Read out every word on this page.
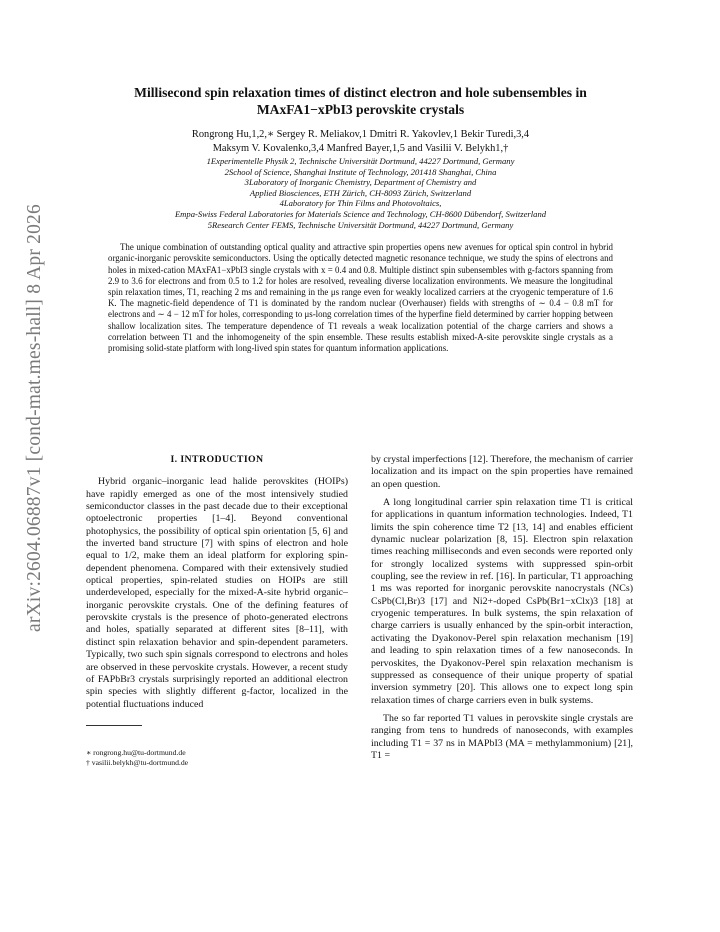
arXiv:2604.06887v1 [cond-mat.mes-hall] 8 Apr 2026
Millisecond spin relaxation times of distinct electron and hole subensembles in
MAxFA1−xPbI3 perovskite crystals
Rongrong Hu,1,2,∗ Sergey R. Meliakov,1 Dmitri R. Yakovlev,1 Bekir Turedi,3,4
Maksym V. Kovalenko,3,4 Manfred Bayer,1,5 and Vasilii V. Belykh1,†
1Experimentelle Physik 2, Technische Universität Dortmund, 44227 Dortmund, Germany
2School of Science, Shanghai Institute of Technology, 201418 Shanghai, China
3Laboratory of Inorganic Chemistry, Department of Chemistry and
Applied Biosciences, ETH Zürich, CH-8093 Zürich, Switzerland
4Laboratory for Thin Films and Photovoltaics,
Empa-Swiss Federal Laboratories for Materials Science and Technology, CH-8600 Dübendorf, Switzerland
5Research Center FEMS, Technische Universität Dortmund, 44227 Dortmund, Germany

The unique combination of outstanding optical quality and attractive spin properties opens new avenues for optical spin control in hybrid organic-inorganic perovskite semiconductors. Using the optically detected magnetic resonance technique, we study the spins of electrons and holes in mixed-cation MAxFA1−xPbI3 single crystals with x = 0.4 and 0.8. Multiple distinct spin subensembles with g-factors spanning from 2.9 to 3.6 for electrons and from 0.5 to 1.2 for holes are resolved, revealing diverse localization environments. We measure the longitudinal spin relaxation times, T1, reaching 2 ms and remaining in the μs range even for weakly localized carriers at the cryogenic temperature of 1.6 K. The magnetic-field dependence of T1 is dominated by the random nuclear (Overhauser) fields with strengths of ∼ 0.4 − 0.8 mT for electrons and ∼ 4 − 12 mT for holes, corresponding to μs-long correlation times of the hyperfine field determined by carrier hopping between shallow localization sites. The temperature dependence of T1 reveals a weak localization potential of the charge carriers and shows a correlation between T1 and the inhomogeneity of the spin ensemble. These results establish mixed-A-site perovskite single crystals as a promising solid-state platform with long-lived spin states for quantum information applications.

I. INTRODUCTION

Hybrid organic–inorganic lead halide perovskites (HOIPs) have rapidly emerged as one of the most intensively studied semiconductor classes in the past decade due to their exceptional optoelectronic properties [1–4]. Beyond conventional photophysics, the possibility of optical spin orientation [5, 6] and the inverted band structure [7] with spins of electron and hole equal to 1/2, make them an ideal platform for exploring spin-dependent phenomena. Compared with their extensively studied optical properties, spin-related studies on HOIPs are still underdeveloped, especially for the mixed-A-site hybrid organic–inorganic perovskite crystals. One of the defining features of perovskite crystals is the presence of photo-generated electrons and holes, spatially separated at different sites [8–11], with distinct spin relaxation behavior and spin-dependent parameters. Typically, two such spin signals correspond to electrons and holes are observed in these pervoskite crystals. However, a recent study of FAPbBr3 crystals surprisingly reported an additional electron spin species with slightly different g-factor, localized in the potential fluctuations induced

∗ rongrong.hu@tu-dortmund.de
† vasilii.belykh@tu-dortmund.de

by crystal imperfections [12]. Therefore, the mechanism of carrier localization and its impact on the spin properties have remained an open question.

A long longitudinal carrier spin relaxation time T1 is critical for applications in quantum information technologies. Indeed, T1 limits the spin coherence time T2 [13, 14] and enables efficient dynamic nuclear polarization [8, 15]. Electron spin relaxation times reaching milliseconds and even seconds were reported only for strongly localized systems with suppressed spin-orbit coupling, see the review in ref. [16]. In particular, T1 approaching 1 ms was reported for inorganic perovskite nanocrystals (NCs) CsPb(Cl,Br)3 [17] and Ni2+-doped CsPb(Br1−xClx)3 [18] at cryogenic temperatures. In bulk systems, the spin relaxation of charge carriers is usually enhanced by the spin-orbit interaction, activating the Dyakonov-Perel spin relaxation mechanism [19] and leading to spin relaxation times of a few nanoseconds. In pervoskites, the Dyakonov-Perel spin relaxation mechanism is suppressed as consequence of their unique property of spatial inversion symmetry [20]. This allows one to expect long spin relaxation times of charge carriers even in bulk systems.

The so far reported T1 values in perovskite single crystals are ranging from tens to hundreds of nanoseconds, with examples including T1 = 37 ns in MAPbI3 (MA = methylammonium) [21], T1 =
